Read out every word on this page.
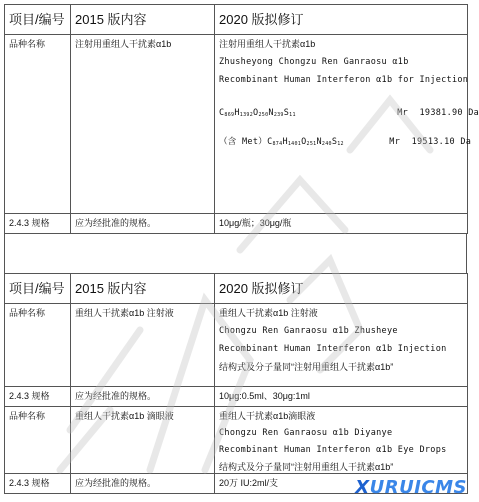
项目/编号	2015 版内容	2020 版拟修订
品种名称	注射用重组人干扰素α1b	注射用重组人干扰素α1b
Zhusheyong Chongzu Ren Ganraosu α1b
Recombinant Human Interferon α1b for Injection
$C_{869}H_{1392}O_{250}N_{239}S_{11}$ Mr 19381.90 Da
（含 $Met)C_{874}H_{1401}O_{251}N_{240}S_{12}$ Mr 19513.10 Da

2.4.3 规格	应为经批准的规格。	10μg/瓶；30μg/瓶
项目/编号	2015 版内容	2020 版拟修订
品种名称	重组人干扰素α1b 注射液	重组人干扰素α1b 注射液
Chongzu Ren Ganraosu α1b Zhusheye
Recombinant Human Interferon α1b Injection
结构式及分子量同“注射用重组人干扰素α1b”

2.4.3 规格	应为经批准的规格。	10μg:0.5ml、30μg:1ml
品种名称	重组人干扰素α1b 滴眼液	重组人干扰素α1b滴眼液
Chongzu Ren Ganraosu α1b Diyanye
Recombinant Human Interferon α1b Eye Drops
结构式及分子量同“注射用重组人干扰素α1b”

2.4.3 规格	应为经批准的规格。	20万 IU:2ml/支	XURUICMS
